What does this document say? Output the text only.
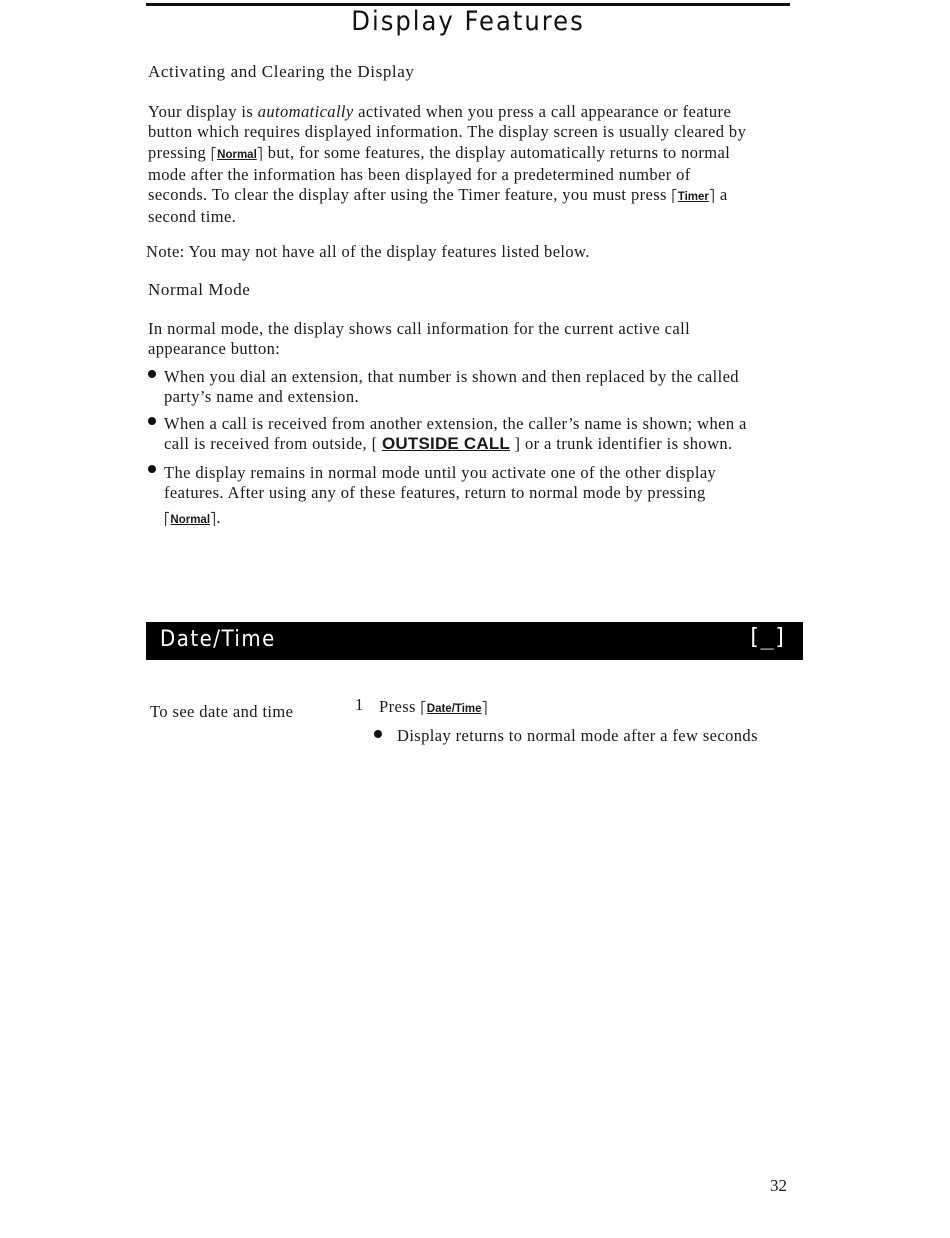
Display Features
Activating and Clearing the Display
Your display is automatically activated when you press a call appearance or feature
button which requires displayed information. The display screen is usually cleared by
pressing ⎡Normal⎤ but, for some features, the display automatically returns to normal
mode after the information has been displayed for a predetermined number of
seconds. To clear the display after using the Timer feature, you must press ⎡Timer⎤ a
second time.
Note: You may not have all of the display features listed below.
Normal Mode
In normal mode, the display shows call information for the current active call
appearance button:
When you dial an extension, that number is shown and then replaced by the called
party’s name and extension.
When a call is received from another extension, the caller’s name is shown; when a
call is received from outside, [ OUTSIDE CALL ] or a trunk identifier is shown.
The display remains in normal mode until you activate one of the other display
features. After using any of these features, return to normal mode by pressing
⎡Normal⎤.
Date/Time	[_]
To see date and time	1 Press ⎡Date/Time⎤
Display returns to normal mode after a few seconds
32
